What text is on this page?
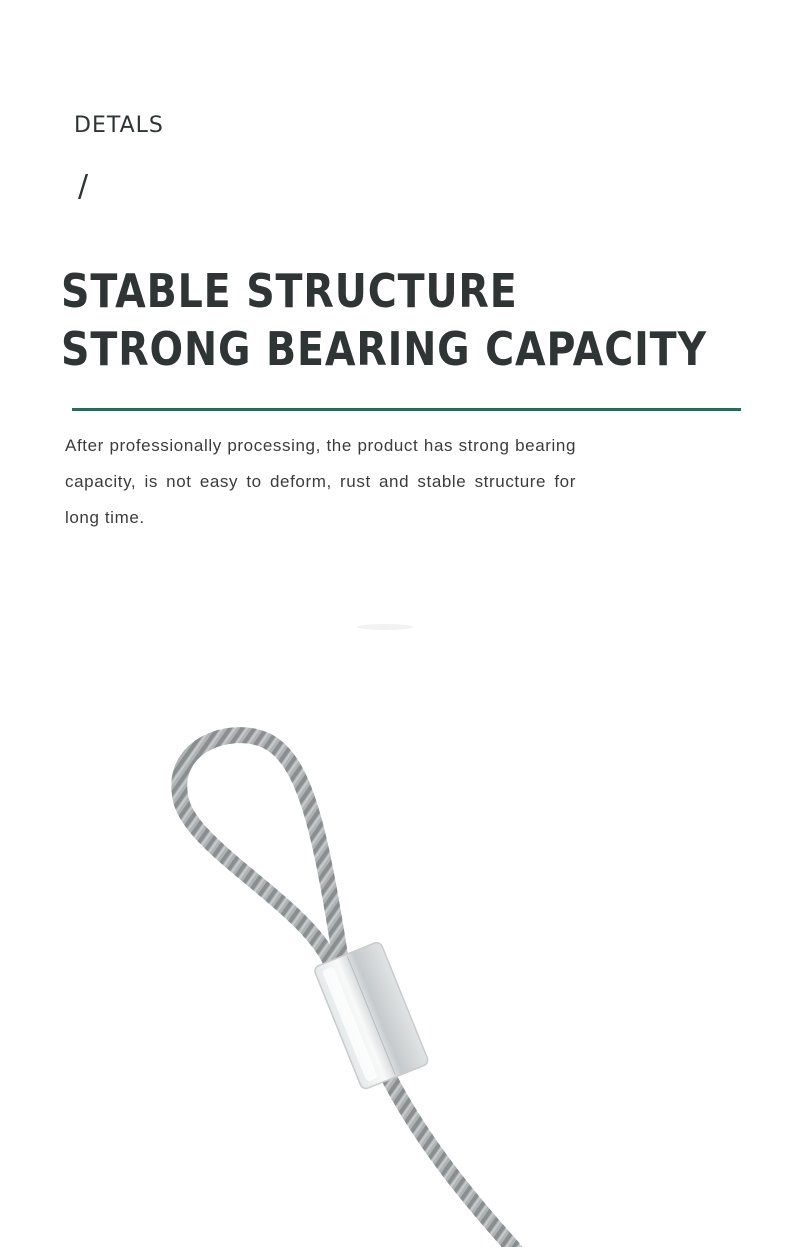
DETALS
/
STABLE STRUCTURE
STRONG BEARING CAPACITY

After professionally processing, the product has strong bearing capacity, is not easy to deform, rust and stable structure for long time.
